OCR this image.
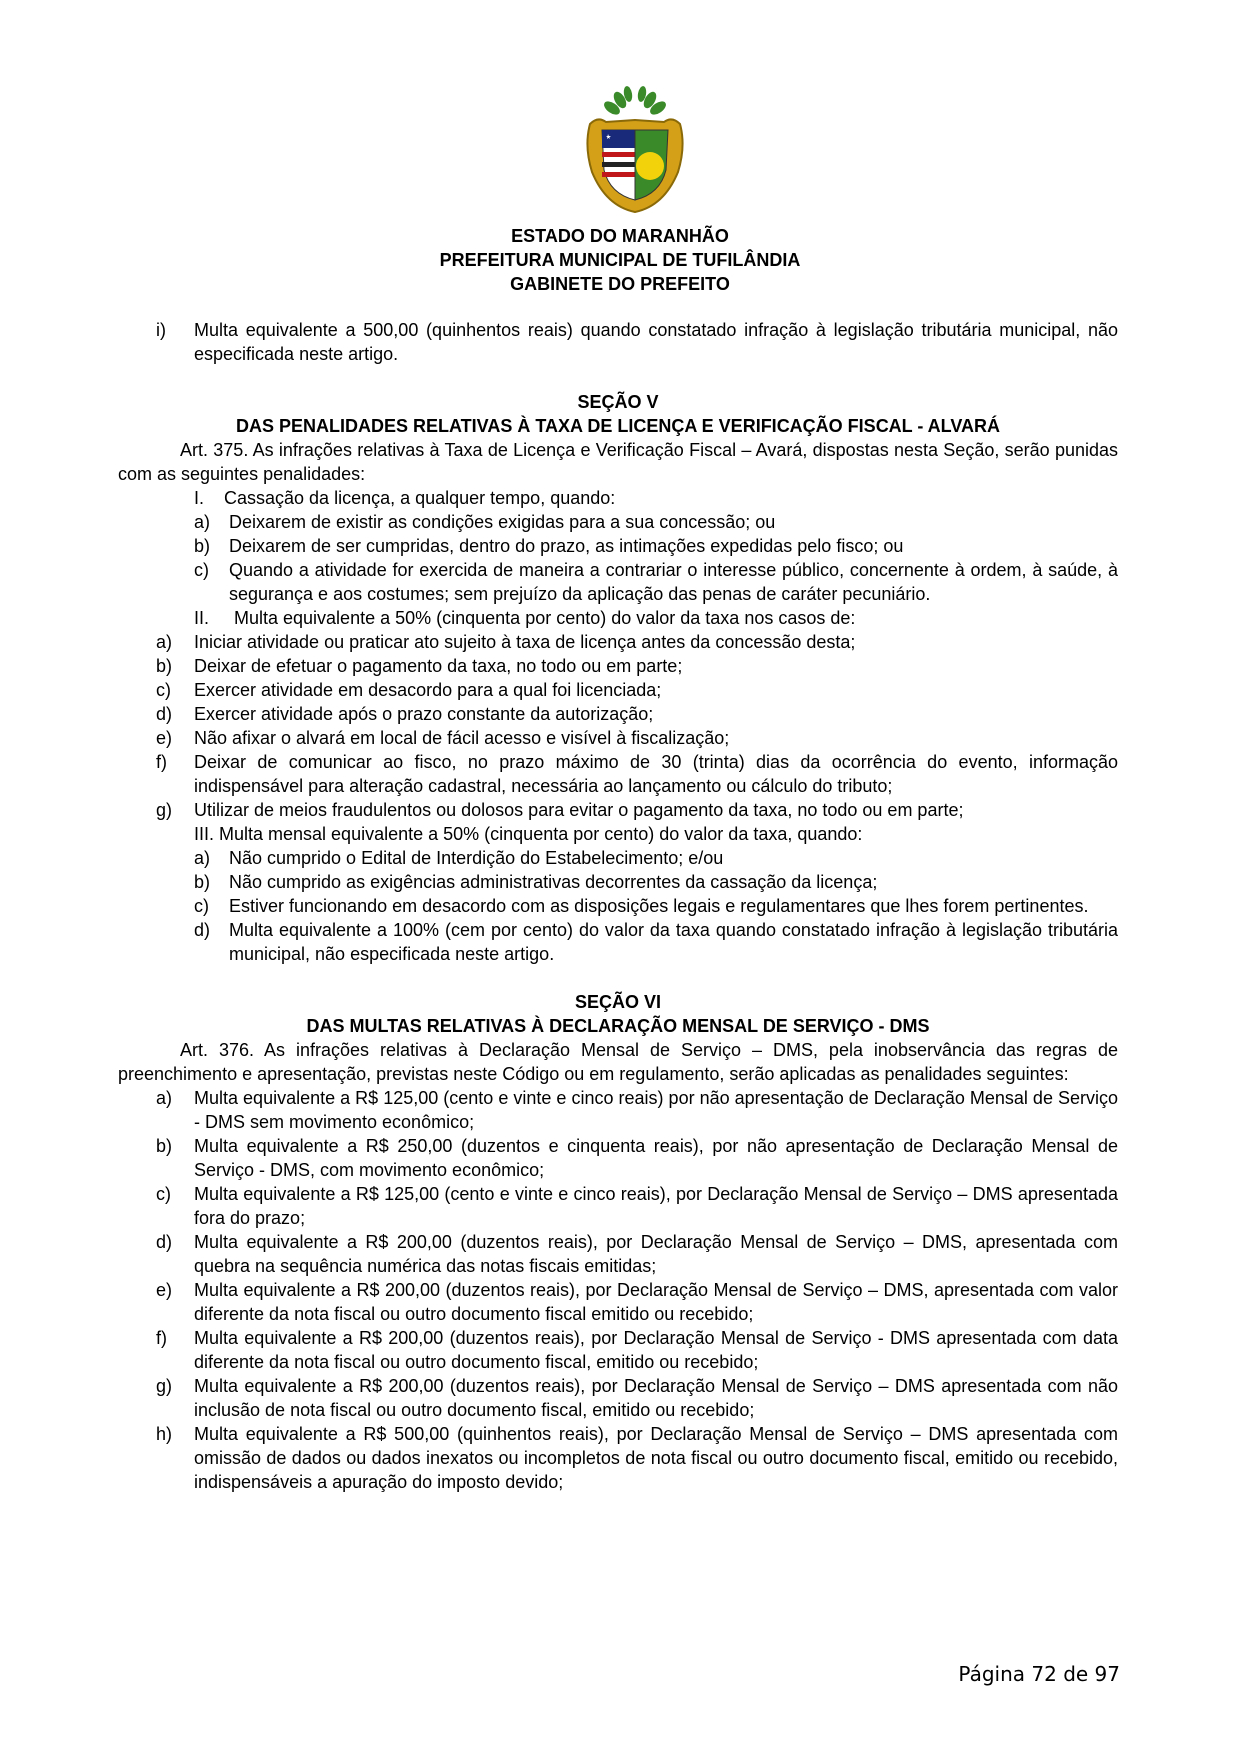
ESTADO DO MARANHÃO
PREFEITURA MUNICIPAL DE TUFILÂNDIA
GABINETE DO PREFEITO
i) Multa equivalente a 500,00 (quinhentos reais) quando constatado infração à legislação tributária municipal, não especificada neste artigo.
SEÇÃO V
DAS PENALIDADES RELATIVAS À TAXA DE LICENÇA E VERIFICAÇÃO FISCAL - ALVARÁ
Art. 375. As infrações relativas à Taxa de Licença e Verificação Fiscal – Avará, dispostas nesta Seção, serão punidas com as seguintes penalidades:
I. Cassação da licença, a qualquer tempo, quando:
a) Deixarem de existir as condições exigidas para a sua concessão; ou
b) Deixarem de ser cumpridas, dentro do prazo, as intimações expedidas pelo fisco; ou
c) Quando a atividade for exercida de maneira a contrariar o interesse público, concernente à ordem, à saúde, à segurança e aos costumes; sem prejuízo da aplicação das penas de caráter pecuniário.
II. Multa equivalente a 50% (cinquenta por cento) do valor da taxa nos casos de:
a) Iniciar atividade ou praticar ato sujeito à taxa de licença antes da concessão desta;
b) Deixar de efetuar o pagamento da taxa, no todo ou em parte;
c) Exercer atividade em desacordo para a qual foi licenciada;
d) Exercer atividade após o prazo constante da autorização;
e) Não afixar o alvará em local de fácil acesso e visível à fiscalização;
f) Deixar de comunicar ao fisco, no prazo máximo de 30 (trinta) dias da ocorrência do evento, informação indispensável para alteração cadastral, necessária ao lançamento ou cálculo do tributo;
g) Utilizar de meios fraudulentos ou dolosos para evitar o pagamento da taxa, no todo ou em parte;
III. Multa mensal equivalente a 50% (cinquenta por cento) do valor da taxa, quando:
a) Não cumprido o Edital de Interdição do Estabelecimento; e/ou
b) Não cumprido as exigências administrativas decorrentes da cassação da licença;
c) Estiver funcionando em desacordo com as disposições legais e regulamentares que lhes forem pertinentes.
d) Multa equivalente a 100% (cem por cento) do valor da taxa quando constatado infração à legislação tributária municipal, não especificada neste artigo.
SEÇÃO VI
DAS MULTAS RELATIVAS À DECLARAÇÃO MENSAL DE SERVIÇO - DMS
Art. 376. As infrações relativas à Declaração Mensal de Serviço – DMS, pela inobservância das regras de preenchimento e apresentação, previstas neste Código ou em regulamento, serão aplicadas as penalidades seguintes:
a) Multa equivalente a R$ 125,00 (cento e vinte e cinco reais) por não apresentação de Declaração Mensal de Serviço - DMS sem movimento econômico;
b) Multa equivalente a R$ 250,00 (duzentos e cinquenta reais), por não apresentação de Declaração Mensal de Serviço - DMS, com movimento econômico;
c) Multa equivalente a R$ 125,00 (cento e vinte e cinco reais), por Declaração Mensal de Serviço – DMS apresentada fora do prazo;
d) Multa equivalente a R$ 200,00 (duzentos reais), por Declaração Mensal de Serviço – DMS, apresentada com quebra na sequência numérica das notas fiscais emitidas;
e) Multa equivalente a R$ 200,00 (duzentos reais), por Declaração Mensal de Serviço – DMS, apresentada com valor diferente da nota fiscal ou outro documento fiscal emitido ou recebido;
f) Multa equivalente a R$ 200,00 (duzentos reais), por Declaração Mensal de Serviço - DMS apresentada com data diferente da nota fiscal ou outro documento fiscal, emitido ou recebido;
g) Multa equivalente a R$ 200,00 (duzentos reais), por Declaração Mensal de Serviço – DMS apresentada com não inclusão de nota fiscal ou outro documento fiscal, emitido ou recebido;
h) Multa equivalente a R$ 500,00 (quinhentos reais), por Declaração Mensal de Serviço – DMS apresentada com omissão de dados ou dados inexatos ou incompletos de nota fiscal ou outro documento fiscal, emitido ou recebido, indispensáveis a apuração do imposto devido;
Página 72 de 97
